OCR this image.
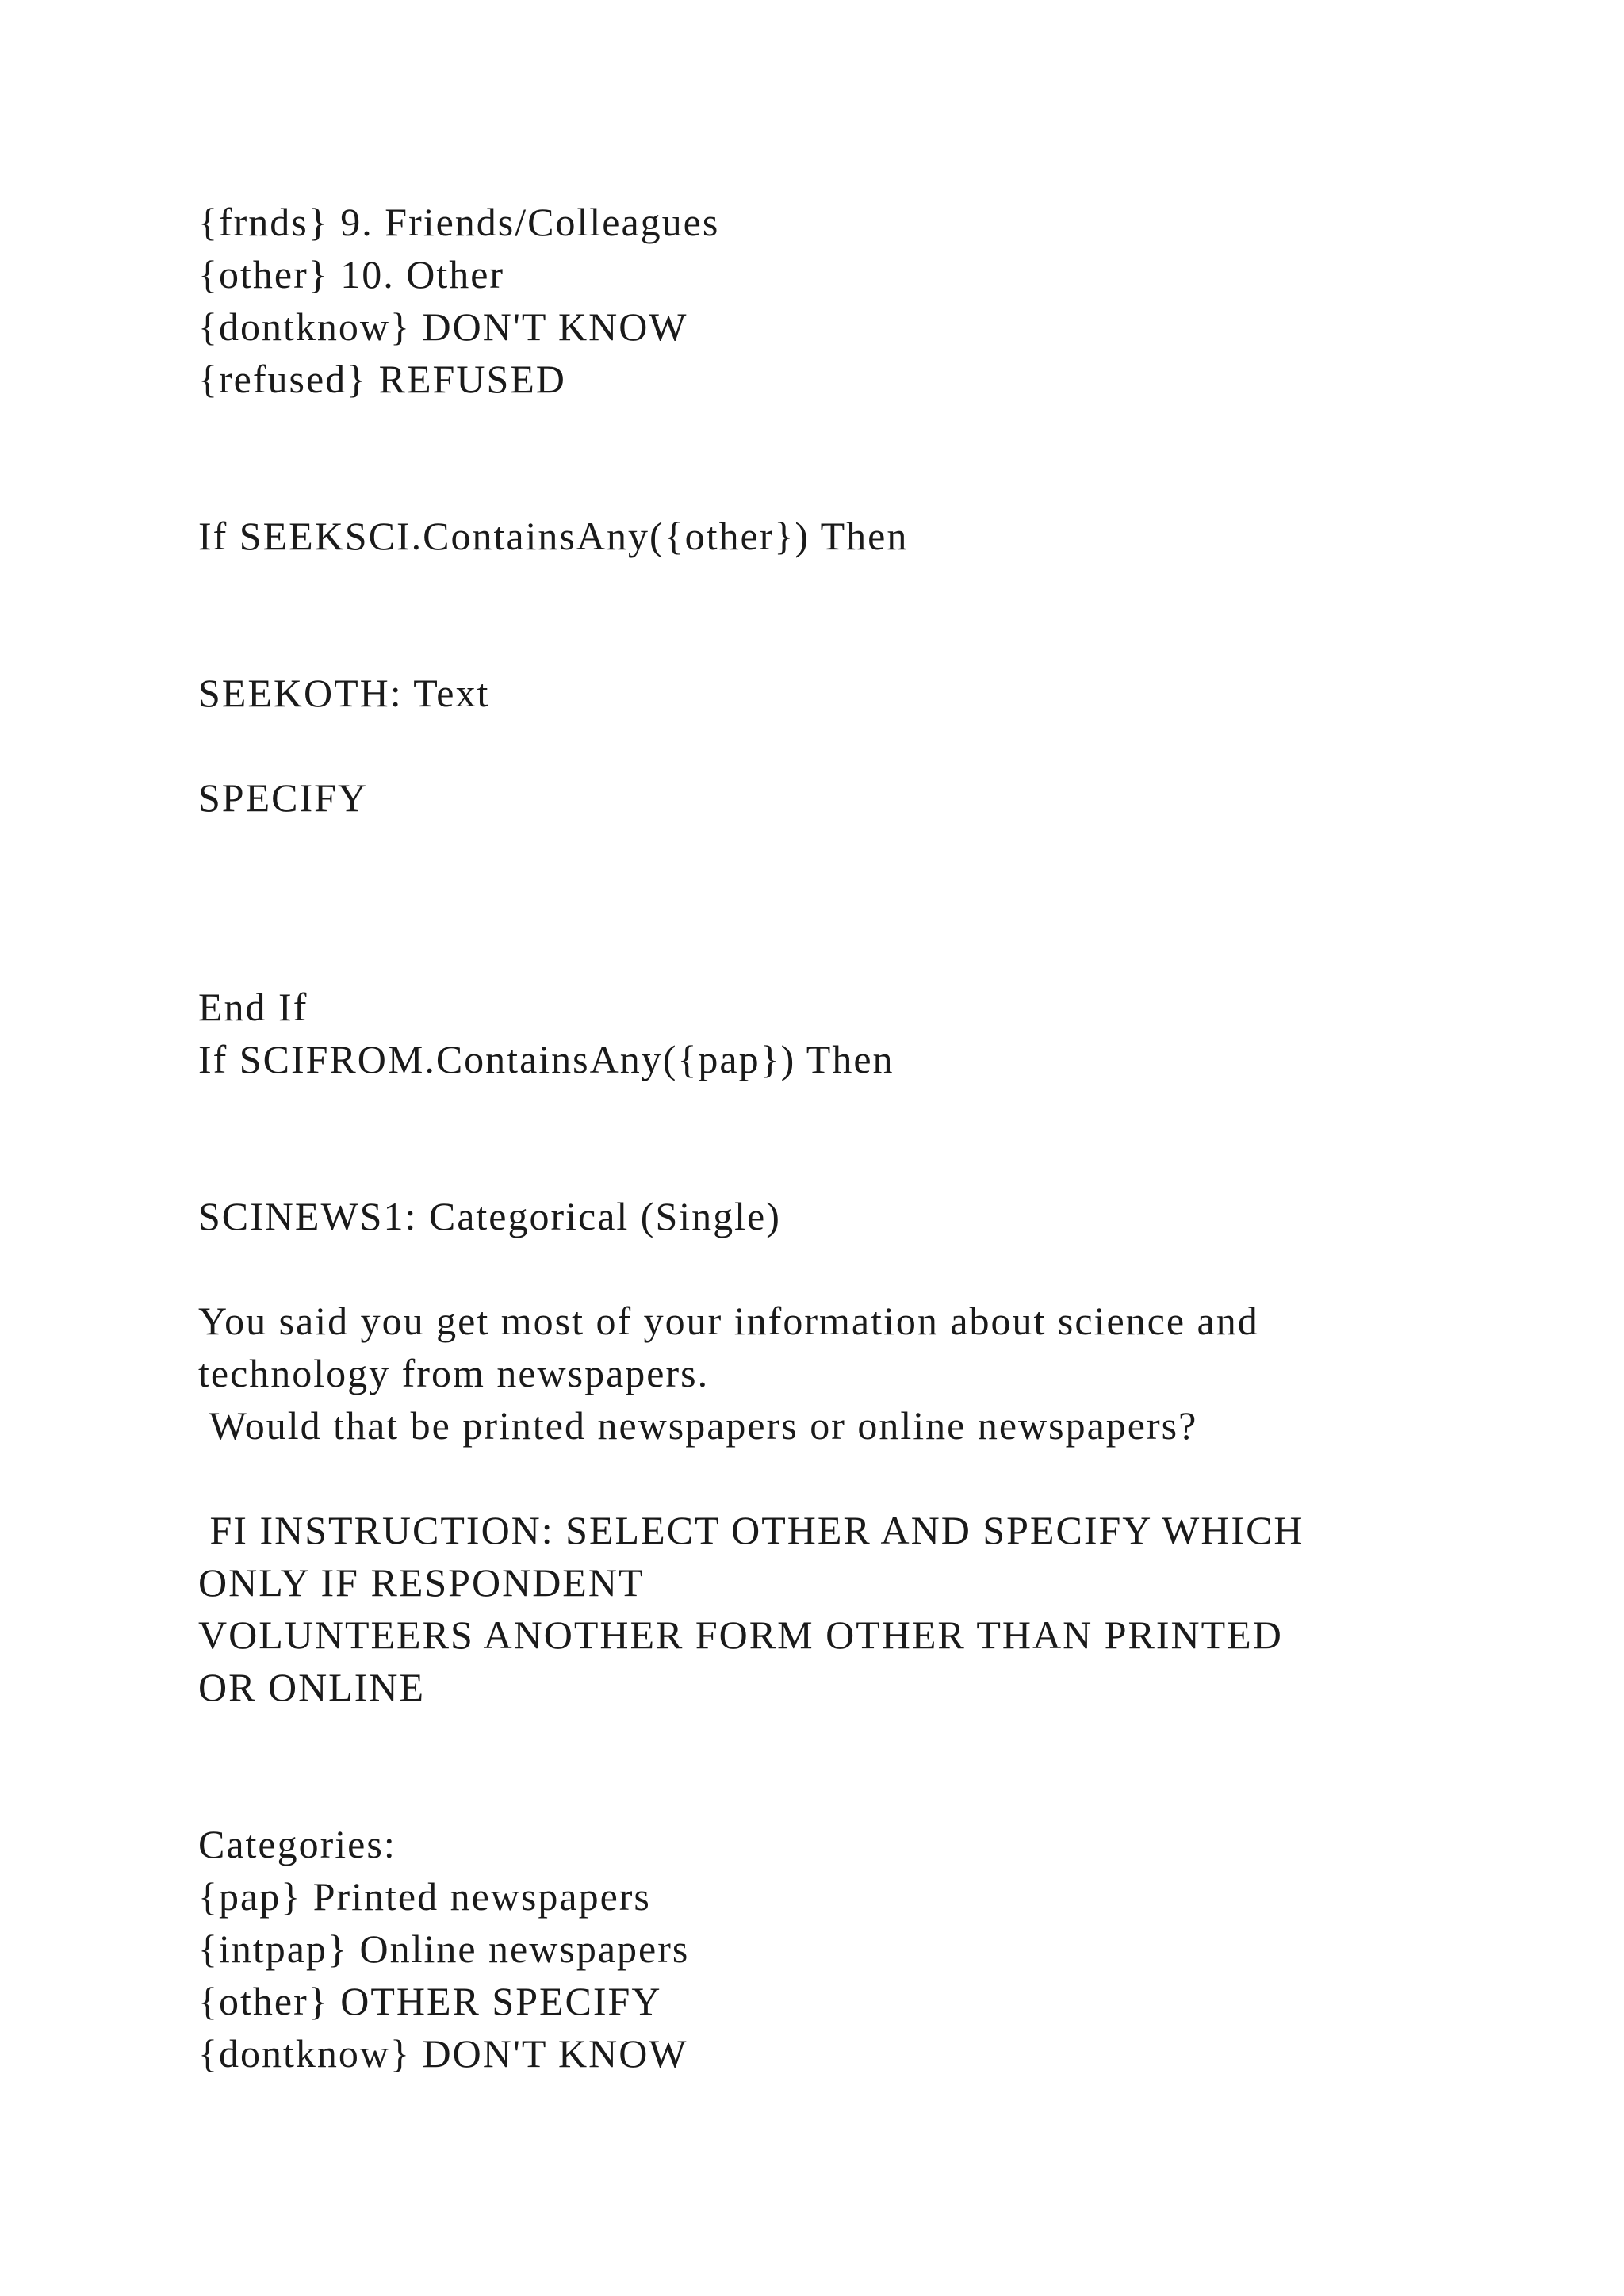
{frnds} 9. Friends/Colleagues
{other} 10. Other
{dontknow} DON'T KNOW
{refused} REFUSED
If SEEKSCI.ContainsAny({other}) Then
SEEKOTH: Text
SPECIFY
End If
If SCIFROM.ContainsAny({pap}) Then
SCINEWS1: Categorical (Single)
You said you get most of your information about science and
technology from newspapers.
Would that be printed newspapers or online newspapers?
FI INSTRUCTION: SELECT OTHER AND SPECIFY WHICH
ONLY IF RESPONDENT
VOLUNTEERS ANOTHER FORM OTHER THAN PRINTED
OR ONLINE
Categories:
{pap} Printed newspapers
{intpap} Online newspapers
{other} OTHER SPECIFY
{dontknow} DON'T KNOW
